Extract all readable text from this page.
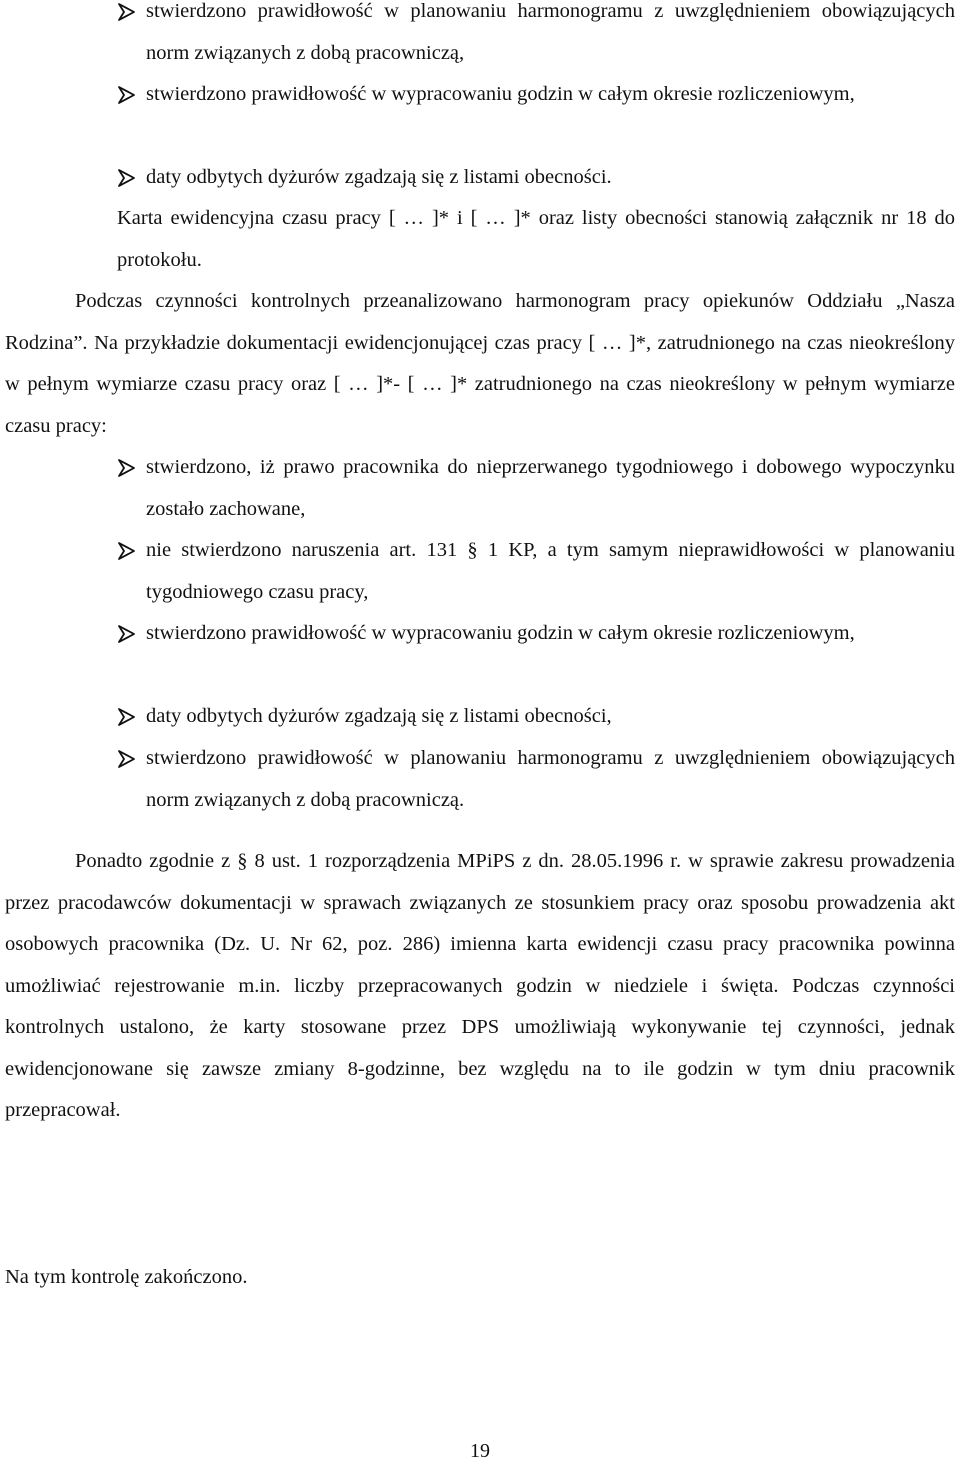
stwierdzono prawidłowość w planowaniu harmonogramu z uwzględnieniem obowiązujących norm związanych z dobą pracowniczą,
stwierdzono prawidłowość w wypracowaniu godzin w całym okresie rozliczeniowym,
daty odbytych dyżurów zgadzają się z listami obecności.
Karta ewidencyjna czasu pracy [ … ]* i [ … ]* oraz listy obecności stanowią załącznik nr 18 do protokołu.
Podczas czynności kontrolnych przeanalizowano harmonogram pracy opiekunów Oddziału „Nasza Rodzina”. Na przykładzie dokumentacji ewidencjonującej czas pracy [ … ]*, zatrudnionego na czas nieokreślony w pełnym wymiarze czasu pracy oraz [ … ]*- [ … ]* zatrudnionego na czas nieokreślony w pełnym wymiarze czasu pracy:
stwierdzono, iż prawo pracownika do nieprzerwanego tygodniowego i dobowego wypoczynku zostało zachowane,
nie stwierdzono naruszenia art. 131 § 1 KP, a tym samym nieprawidłowości w planowaniu tygodniowego czasu pracy,
stwierdzono prawidłowość w wypracowaniu godzin w całym okresie rozliczeniowym,
daty odbytych dyżurów zgadzają się z listami obecności,
stwierdzono prawidłowość w planowaniu harmonogramu z uwzględnieniem obowiązujących norm związanych z dobą pracowniczą.
Ponadto zgodnie z § 8 ust. 1 rozporządzenia MPiPS z dn. 28.05.1996 r. w sprawie zakresu prowadzenia przez pracodawców dokumentacji w sprawach związanych ze stosunkiem pracy oraz sposobu prowadzenia akt osobowych pracownika (Dz. U. Nr 62, poz. 286) imienna karta ewidencji czasu pracy pracownika powinna umożliwiać rejestrowanie m.in. liczby przepracowanych godzin w niedziele i święta. Podczas czynności kontrolnych ustalono, że karty stosowane przez DPS umożliwiają wykonywanie tej czynności, jednak ewidencjonowane się zawsze zmiany 8-godzinne, bez względu na to ile godzin w tym dniu pracownik przepracował.
Na tym kontrolę zakończono.
19
